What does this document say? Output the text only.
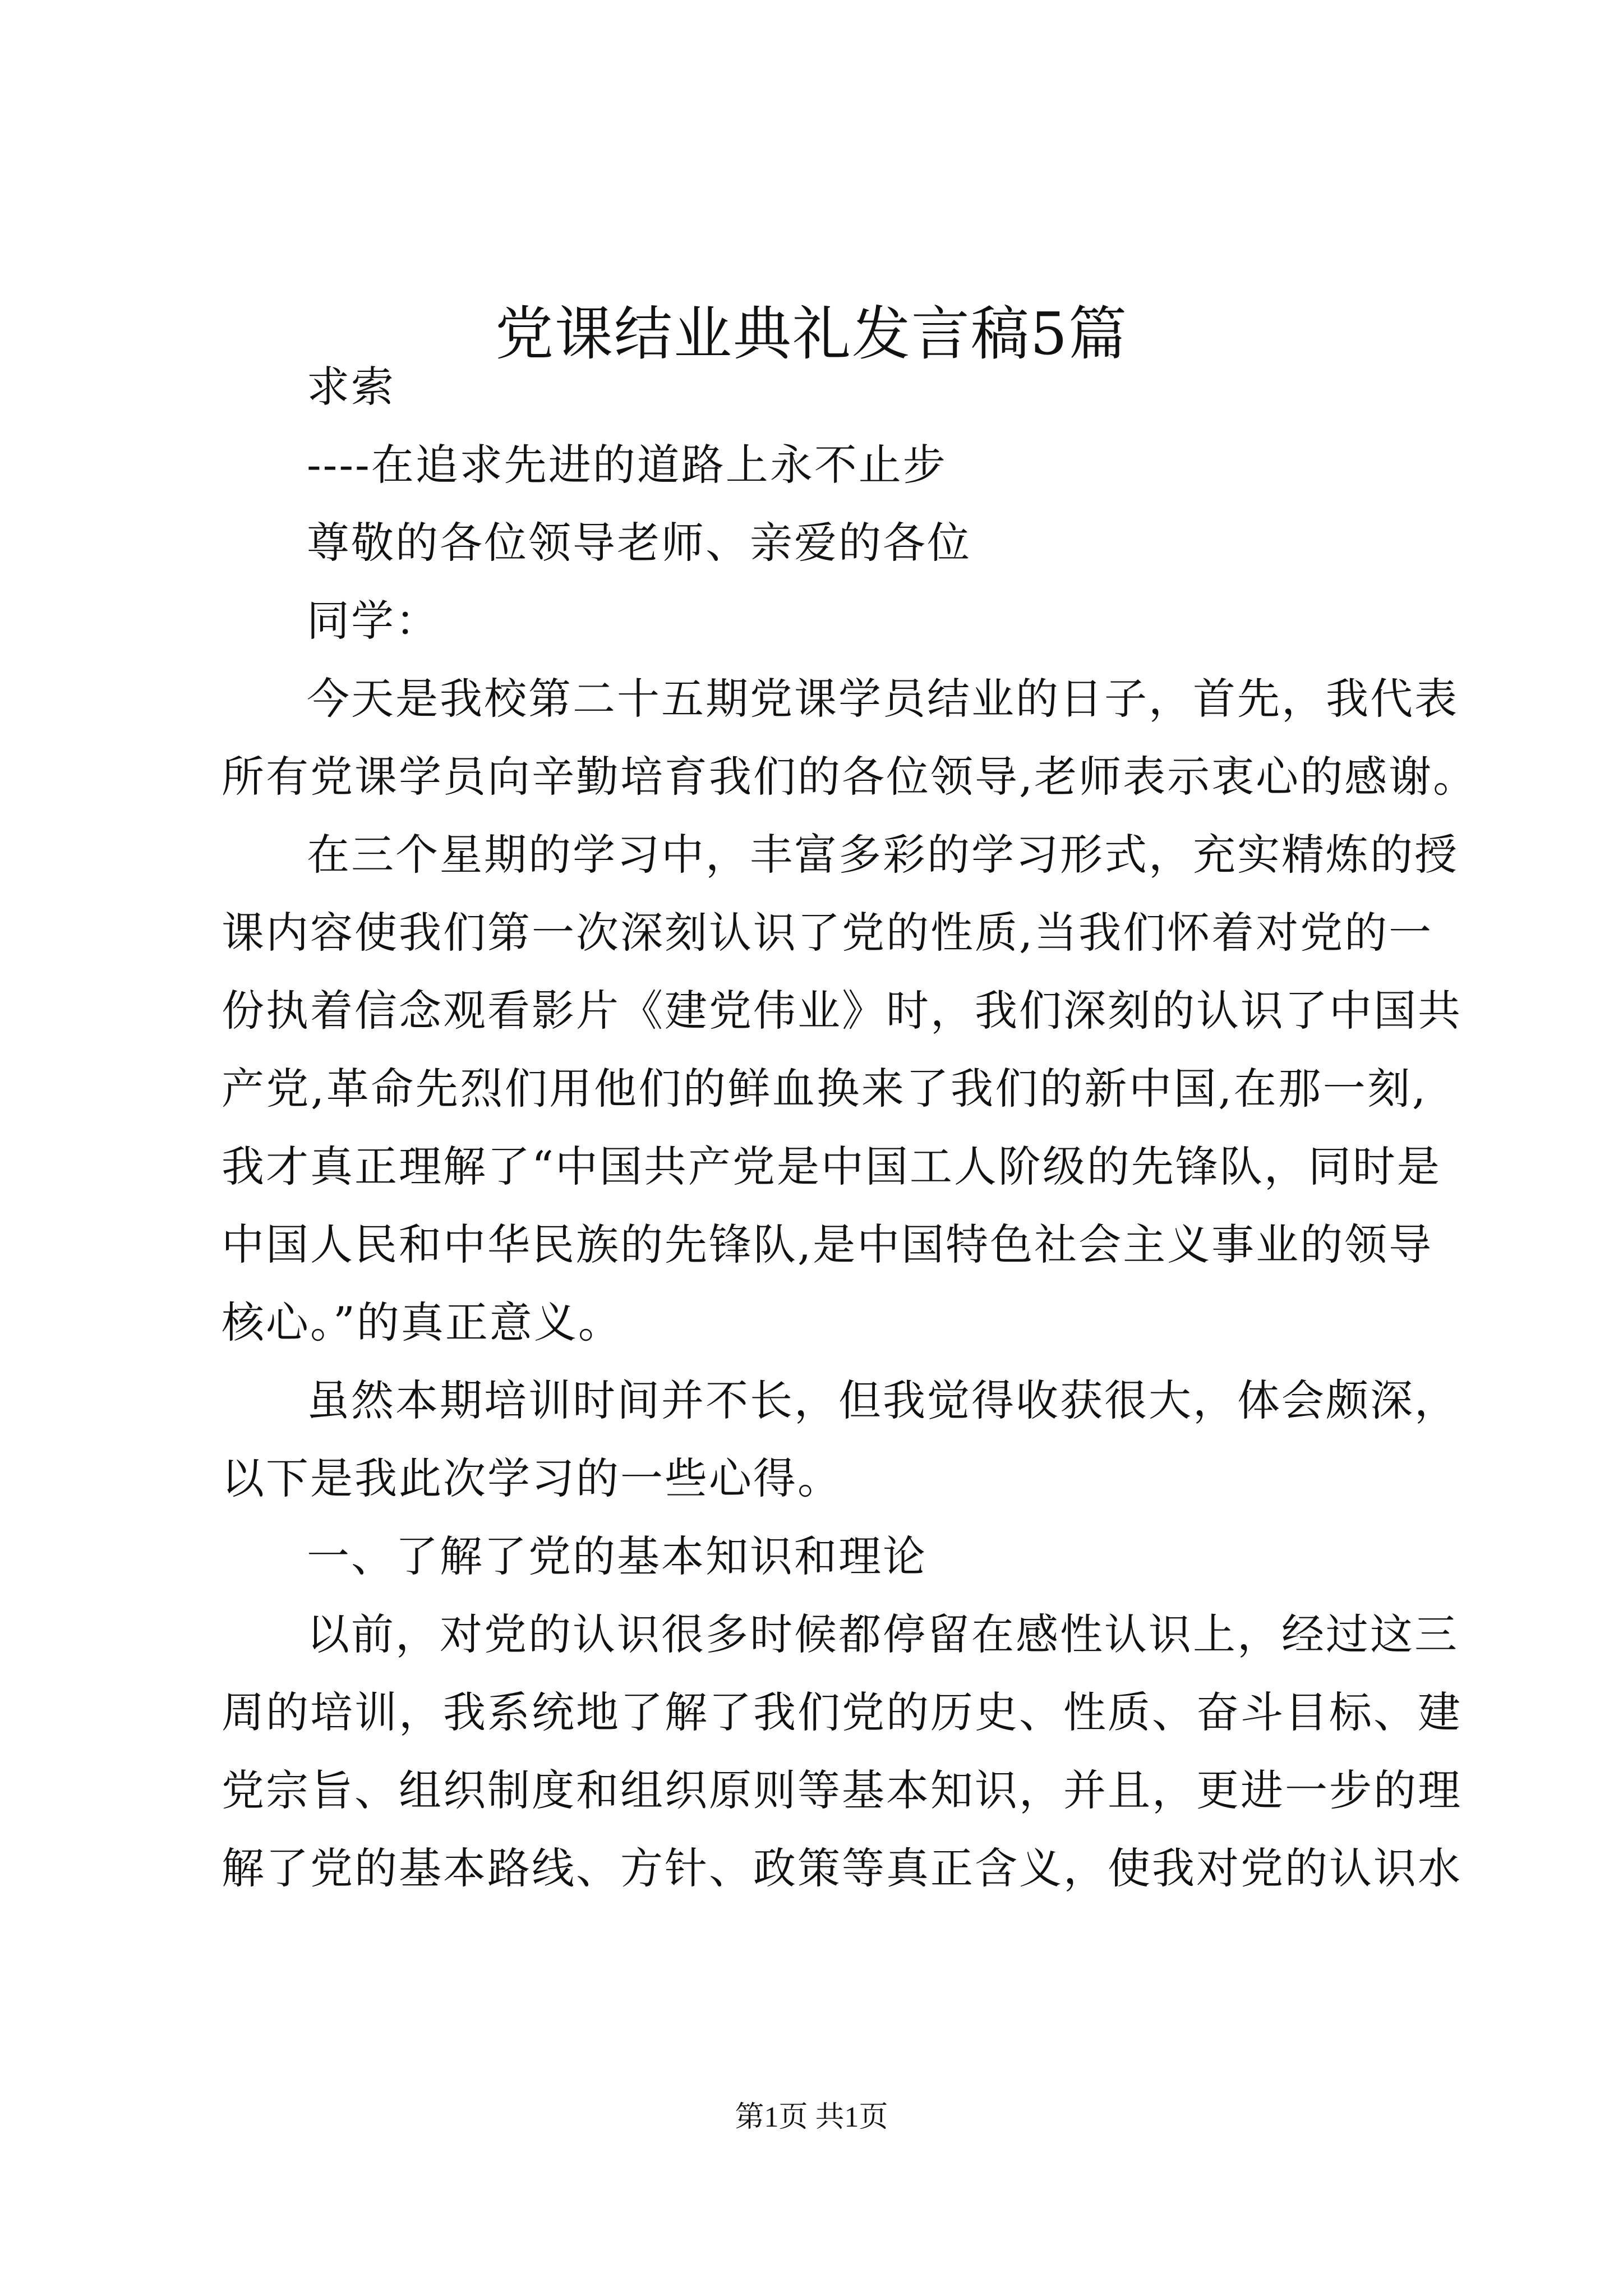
党课结业典礼发言稿5篇
求索
----在追求先进的道路上永不止步
尊敬的各位领导老师、亲爱的各位
同学：
今天是我校第二十五期党课学员结业的日子，首先，我代表
所有党课学员向辛勤培育我们的各位领导,老师表示衷心的感谢。
在三个星期的学习中，丰富多彩的学习形式，充实精炼的授
课内容使我们第一次深刻认识了党的性质,当我们怀着对党的一
份执着信念观看影片《建党伟业》时，我们深刻的认识了中国共
产党,革命先烈们用他们的鲜血换来了我们的新中国,在那一刻,
我才真正理解了“中国共产党是中国工人阶级的先锋队，同时是
中国人民和中华民族的先锋队,是中国特色社会主义事业的领导
核心。”的真正意义。
虽然本期培训时间并不长，但我觉得收获很大，体会颇深，
以下是我此次学习的一些心得。
一、了解了党的基本知识和理论
以前，对党的认识很多时候都停留在感性认识上，经过这三
周的培训，我系统地了解了我们党的历史、性质、奋斗目标、建
党宗旨、组织制度和组织原则等基本知识，并且，更进一步的理
解了党的基本路线、方针、政策等真正含义，使我对党的认识水
第1页 共1页
